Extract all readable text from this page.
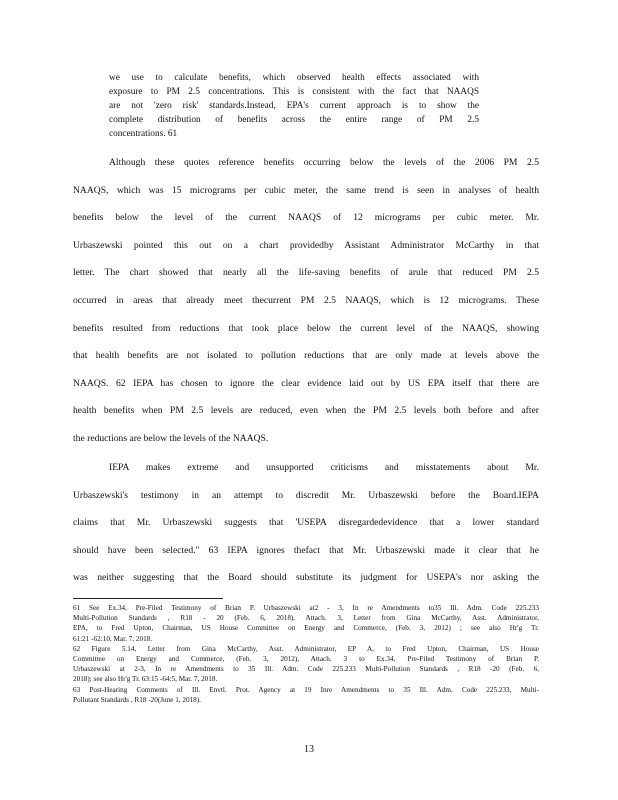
we use to calculate benefits, which observed health effects associated with
exposure to PM 2.5 concentrations. This is consistent with the fact that NAAQS
are not 'zero risk' standards.Instead, EPA's current approach is to show the
complete distribution of benefits across the entire range of PM 2.5
concentrations. 61
Although these quotes reference benefits occurring below the levels of the 2006 PM 2.5
NAAQS, which was 15 micrograms per cubic meter, the same trend is seen in analyses of health
benefits below the level of the current NAAQS of 12 micrograms per cubic meter. Mr.
Urbaszewski pointed this out on a chart providedby Assistant Administrator McCarthy in that
letter. The chart showed that nearly all the life-saving benefits of arule that reduced PM 2.5
occurred in areas that already meet thecurrent PM 2.5 NAAQS, which is 12 micrograms. These
benefits resulted from reductions that took place below the current level of the NAAQS, showing
that health benefits are not isolated to pollution reductions that are only made at levels above the
NAAQS. 62 IEPA has chosen to ignore the clear evidence laid out by US EPA itself that there are
health benefits when PM 2.5 levels are reduced, even when the PM 2.5 levels both before and after
the reductions are below the levels of the NAAQS.
IEPA makes extreme and unsupported criticisms and misstatements about Mr.
Urbaszewski's testimony in an attempt to discredit Mr. Urbaszewski before the Board.IEPA
claims that Mr. Urbaszewski suggests that 'USEPA disregardedevidence that a lower standard
should have been selected." 63 IEPA ignores thefact that Mr. Urbaszewski made it clear that he
was neither suggesting that the Board should substitute its judgment for USEPA's nor asking the
61 See Ex.34, Pre-Filed Testimony of Brian P. Urbaszewski at2 - 3, In re Amendments to35 Ill. Adm. Code 225.233
Multi-Pollution Standards , R18 - 20 (Feb. 6, 2018), Attach. 3, Letter from Gina McCarthy, Asst. Administrator,
EPA, to Fred Upton, Chairman, US House Committee on Energy and Commerce, (Feb. 3, 2012) ; see also Hr'g Tr.
61:21 -62:10, Mar. 7, 2018.
62 Figure 5.14, Letter from Gina McCarthy, Asst. Administrator, EP A, to Fred Upton, Chairman, US House
Committee on Energy and Commerce, (Feb. 3, 2012), Attach. 3 to Ex.34, Pre-Filed Testimony of Brian P.
Urbaszewski at 2-3, In re Amendments to 35 Ill. Adm. Code 225.233 Multi-Pollution Standards , R18 -20 (Feb. 6,
2018); see also Hr'g Tr. 63:15 -64:5, Mar. 7, 2018.
63 Post-Hearing Comments of Ill. Envtl. Prot. Agency at 19 Inre Amendments to 35 Ill. Adm. Code 225.233, Multi-
Pollutant Standards , R18 -20(June 1, 2018).
13
